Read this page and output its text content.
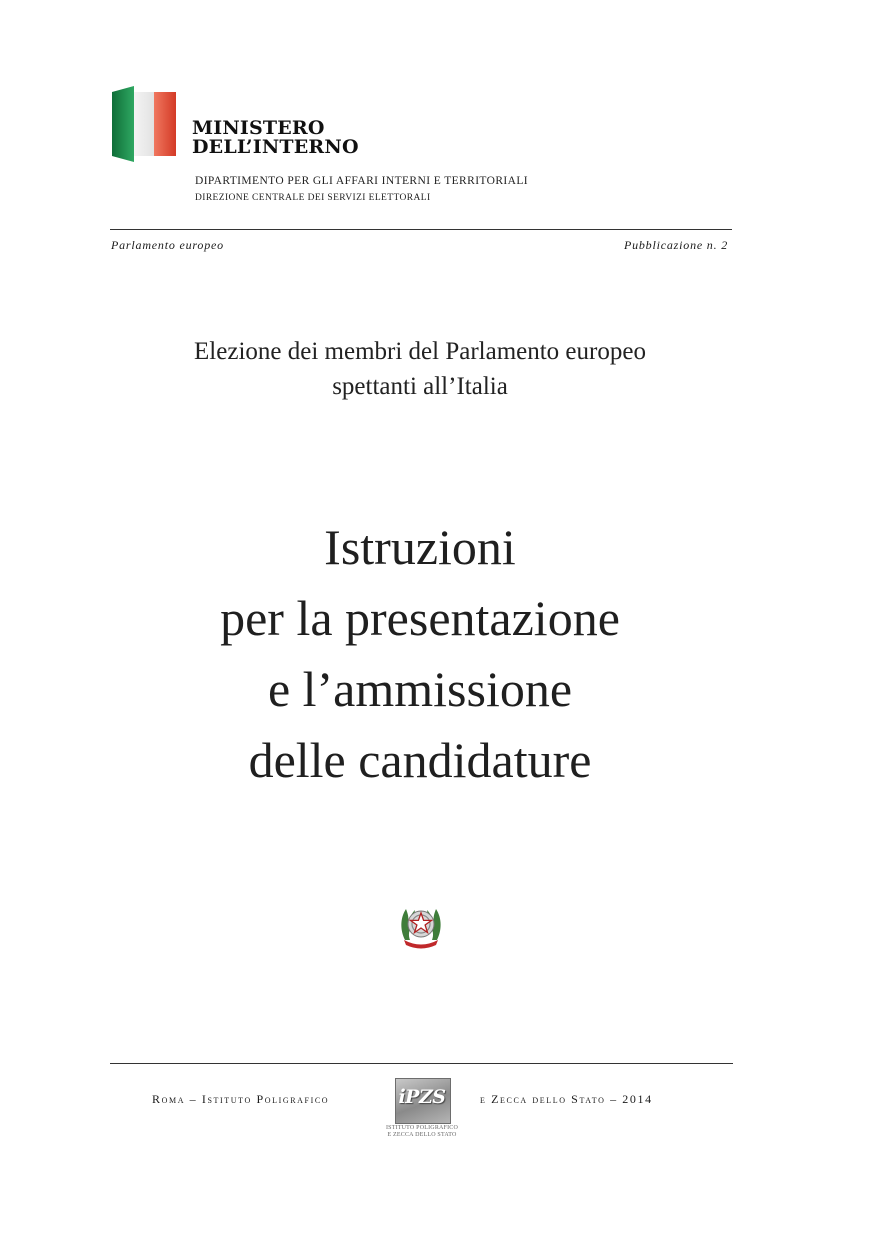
MINISTERO
DELL’INTERNO
DIPARTIMENTO PER GLI AFFARI INTERNI E TERRITORIALI
DIREZIONE CENTRALE DEI SERVIZI ELETTORALI
Parlamento europeo	Pubblicazione n. 2
Elezione dei membri del Parlamento europeo
spettanti all’Italia
Istruzioni
per la presentazione
e l’ammissione
delle candidature
Roma – Istituto Poligrafico	iPZS
ISTITUTO POLIGRAFICO
E ZECCA DELLO STATO
e Zecca dello Stato – 2014
